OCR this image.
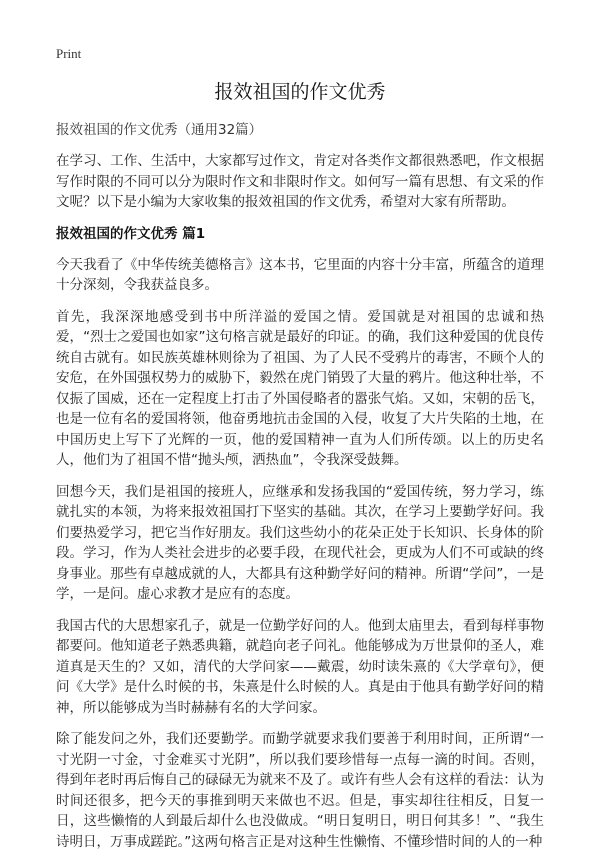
Print
报效祖国的作文优秀

报效祖国的作文优秀（通用32篇）

在学习、工作、生活中，大家都写过作文，肯定对各类作文都很熟悉吧，作文根据写作时限的不同可以分为限时作文和非限时作文。如何写一篇有思想、有文采的作文呢？以下是小编为大家收集的报效祖国的作文优秀，希望对大家有所帮助。

报效祖国的作文优秀 篇1

今天我看了《中华传统美德格言》这本书，它里面的内容十分丰富，所蕴含的道理十分深刻，令我获益良多。

首先，我深深地感受到书中所洋溢的爱国之情。爱国就是对祖国的忠诚和热爱，“烈士之爱国也如家”这句格言就是最好的印证。的确，我们这种爱国的优良传统自古就有。如民族英雄林则徐为了祖国、为了人民不受鸦片的毒害，不顾个人的安危，在外国强权势力的威胁下，毅然在虎门销毁了大量的鸦片。他这种壮举，不仅振了国威，还在一定程度上打击了外国侵略者的嚣张气焰。又如，宋朝的岳飞，也是一位有名的爱国将领，他奋勇地抗击金国的入侵，收复了大片失陷的土地，在中国历史上写下了光辉的一页，他的爱国精神一直为人们所传颂。以上的历史名人，他们为了祖国不惜“抛头颅，洒热血”，令我深受鼓舞。

回想今天，我们是祖国的接班人，应继承和发扬我国的“爱国传统，努力学习，练就扎实的本领，为将来报效祖国打下坚实的基础。其次，在学习上要勤学好问。我们要热爱学习，把它当作好朋友。我们这些幼小的花朵正处于长知识、长身体的阶段。学习，作为人类社会进步的必要手段，在现代社会，更成为人们不可或缺的终身事业。那些有卓越成就的人，大都具有这种勤学好问的精神。所谓“学问”，一是学，一是问。虚心求教才是应有的态度。

我国古代的大思想家孔子，就是一位勤学好问的人。他到太庙里去，看到每样事物都要问。他知道老子熟悉典籍，就趋向老子问礼。他能够成为万世景仰的圣人，难道真是天生的？又如，清代的大学问家——戴震，幼时读朱熹的《大学章句》，便问《大学》是什么时候的书，朱熹是什么时候的人。真是由于他具有勤学好问的精神，所以能够成为当时赫赫有名的大学问家。

除了能发问之外，我们还要勤学。而勤学就要求我们要善于利用时间，正所谓“一寸光阴一寸金，寸金难买寸光阴”，所以我们要珍惜每一点每一滴的时间。否则，得到年老时再后悔自己的碌碌无为就来不及了。或许有些人会有这样的看法：认为时间还很多，把今天的事推到明天来做也不迟。但是，事实却往往相反，日复一日，这些懒惰的人到最后却什么也没做成。“明日复明日，明日何其多！”、“我生诗明日，万事成蹉跎。”这两句格言正是对这种生性懒惰、不懂珍惜时间的人的一种
